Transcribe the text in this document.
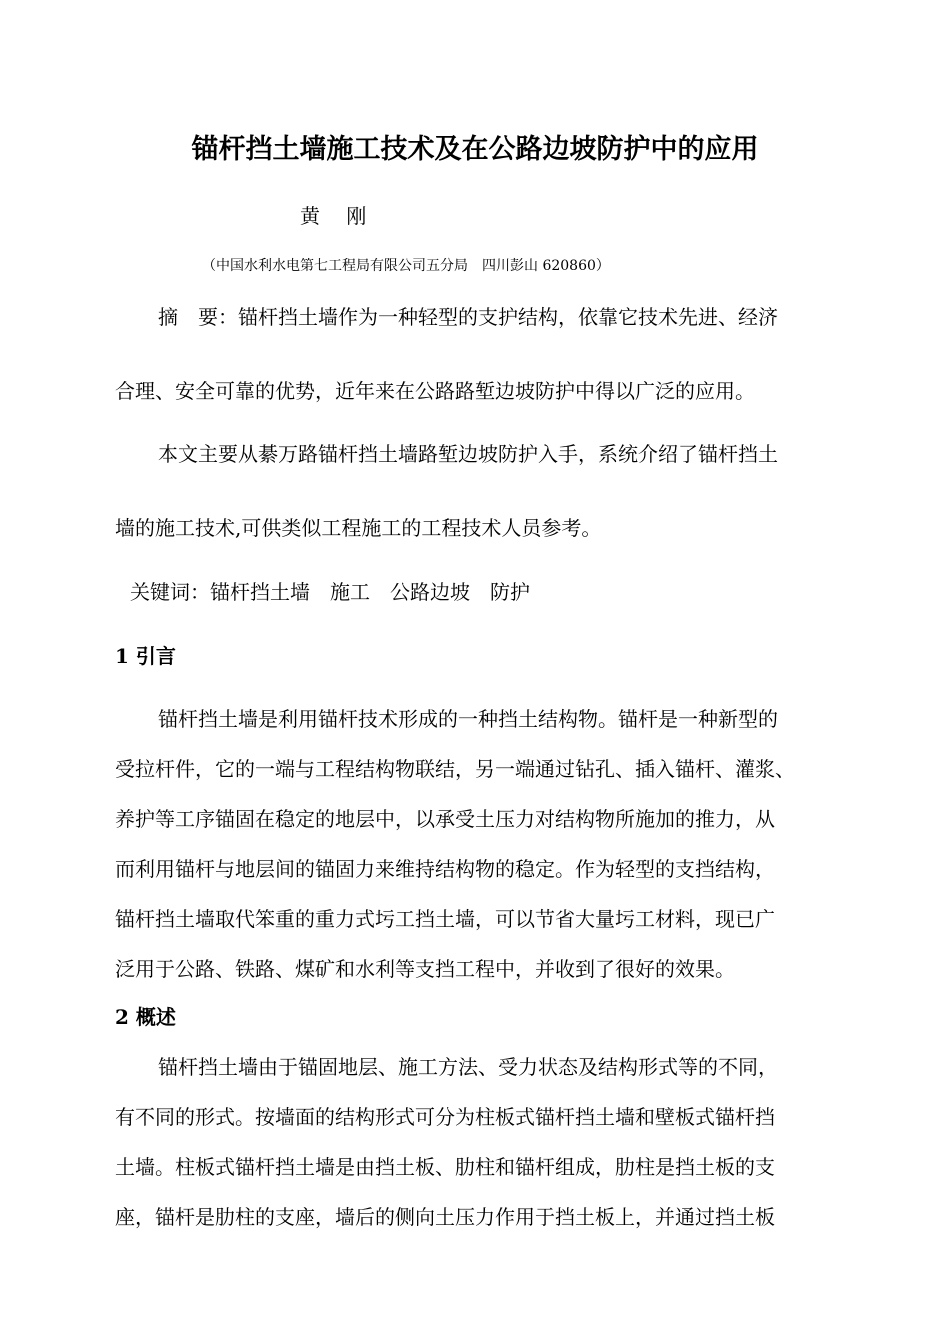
锚杆挡土墙施工技术及在公路边坡防护中的应用
黄 刚
（中国水利水电第七工程局有限公司五分局　四川彭山 620860）
摘　要：锚杆挡土墙作为一种轻型的支护结构，依靠它技术先进、经济
合理、安全可靠的优势，近年来在公路路堑边坡防护中得以广泛的应用。
本文主要从綦万路锚杆挡土墙路堑边坡防护入手，系统介绍了锚杆挡土
墙的施工技术,可供类似工程施工的工程技术人员参考。
关键词：锚杆挡土墙 施工 公路边坡 防护
1 引言
锚杆挡土墙是利用锚杆技术形成的一种挡土结构物。锚杆是一种新型的
受拉杆件，它的一端与工程结构物联结，另一端通过钻孔、插入锚杆、灌浆、
养护等工序锚固在稳定的地层中，以承受土压力对结构物所施加的推力，从
而利用锚杆与地层间的锚固力来维持结构物的稳定。作为轻型的支挡结构，
锚杆挡土墙取代笨重的重力式圬工挡土墙，可以节省大量圬工材料，现已广
泛用于公路、铁路、煤矿和水利等支挡工程中，并收到了很好的效果。
2 概述
锚杆挡土墙由于锚固地层、施工方法、受力状态及结构形式等的不同，
有不同的形式。按墙面的结构形式可分为柱板式锚杆挡土墙和壁板式锚杆挡
土墙。柱板式锚杆挡土墙是由挡土板、肋柱和锚杆组成，肋柱是挡土板的支
座，锚杆是肋柱的支座，墙后的侧向土压力作用于挡土板上，并通过挡土板
